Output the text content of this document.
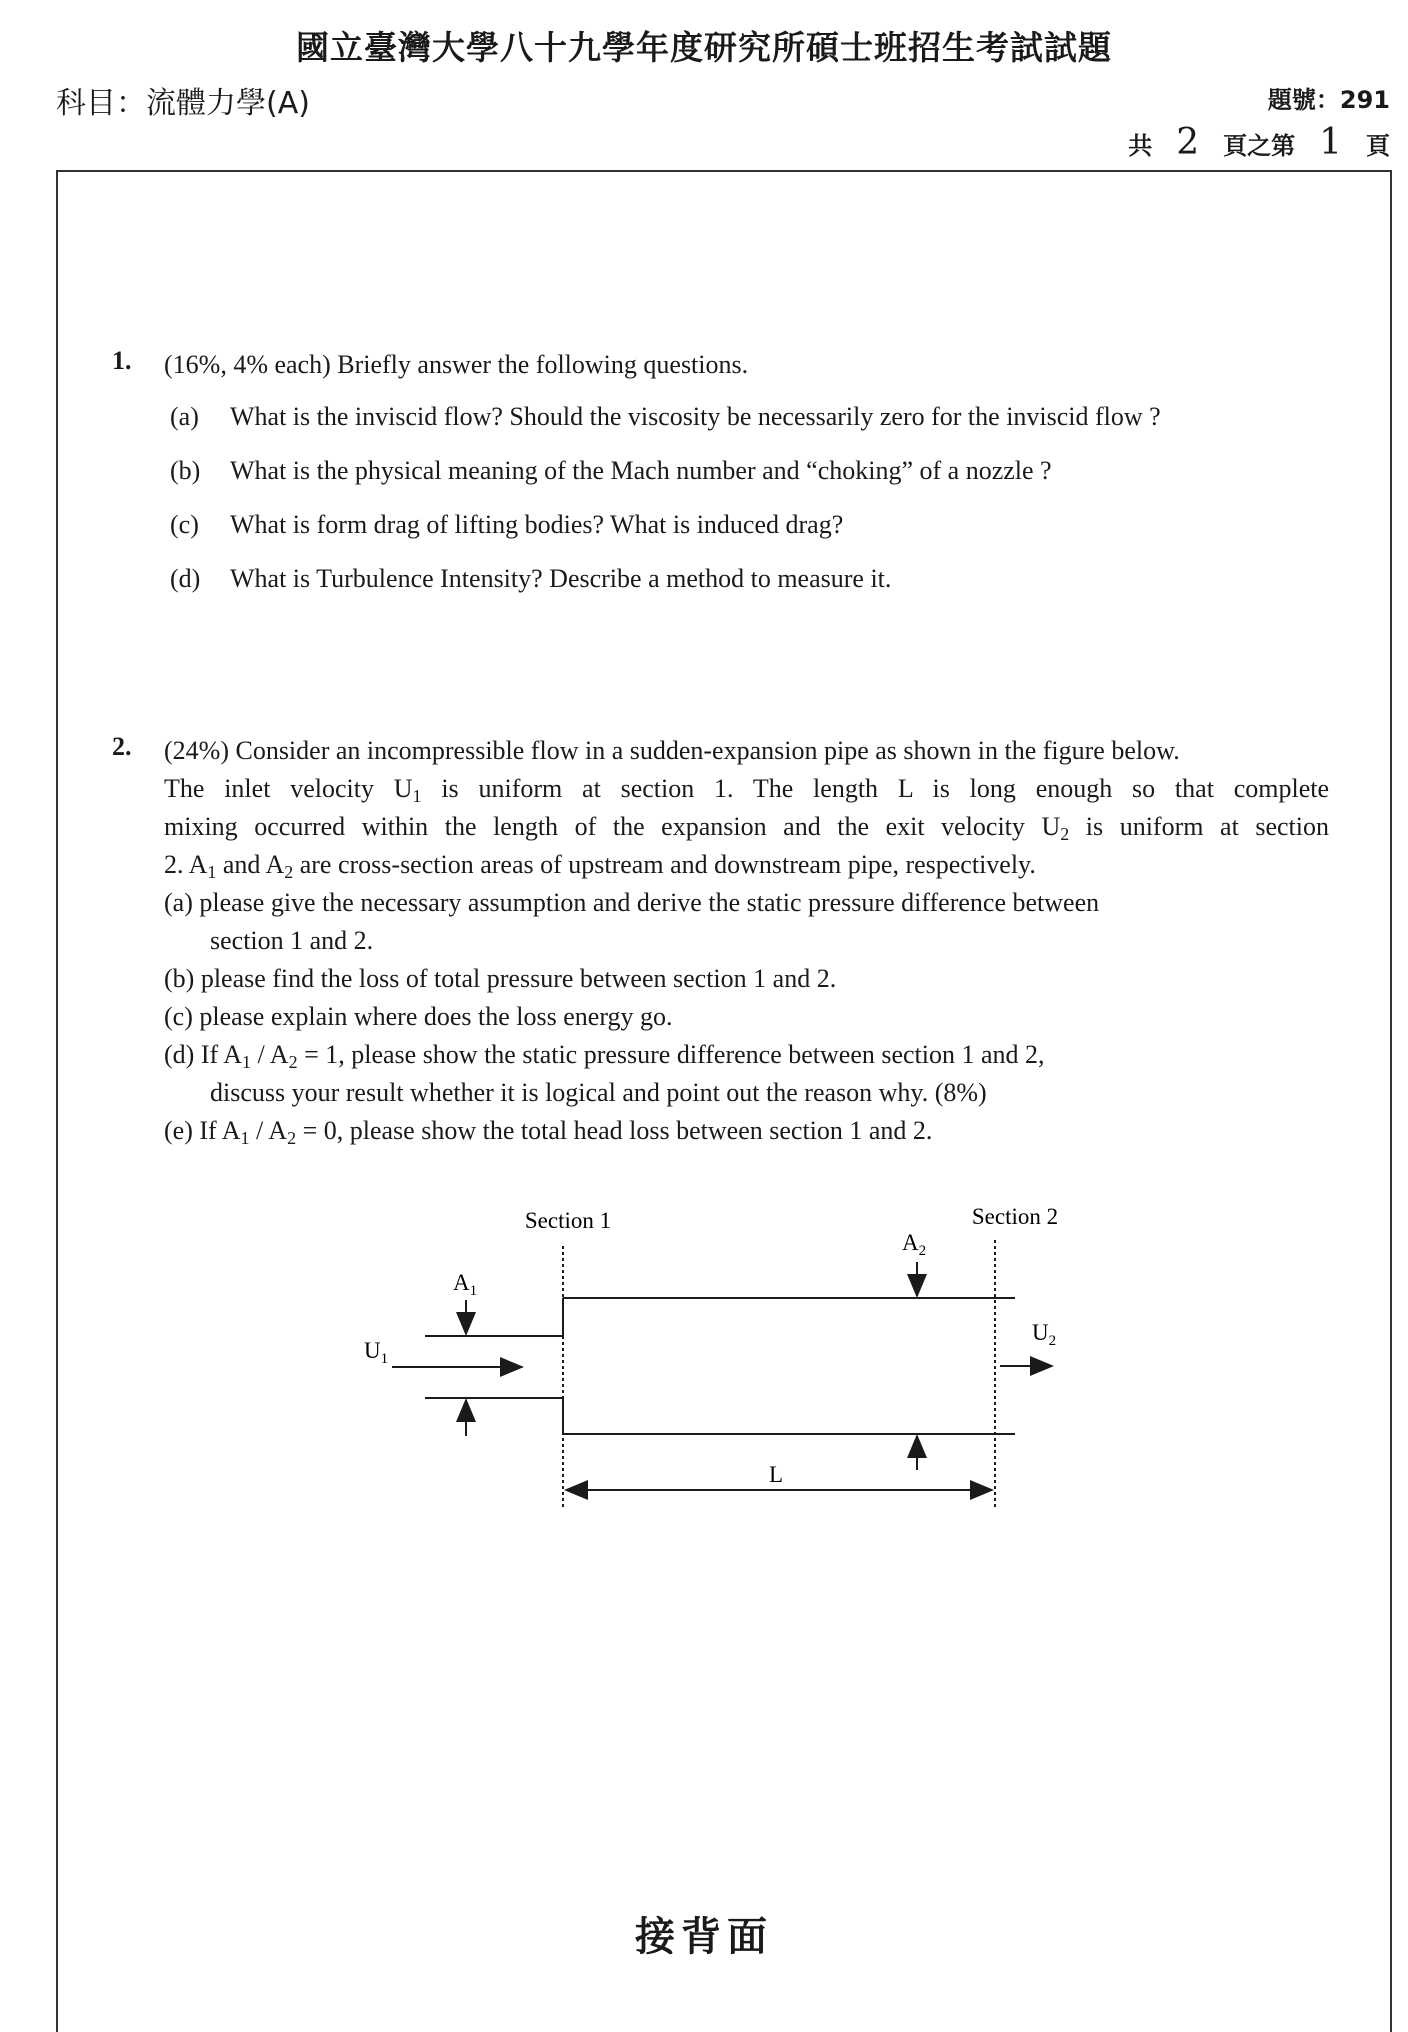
國立臺灣大學八十九學年度研究所碩士班招生考試試題
科目：流體力學(A)	題號：291
共 2 頁之第 1 頁
1. (16%, 4% each) Briefly answer the following questions.
(a) What is the inviscid flow? Should the viscosity be necessarily zero for the inviscid flow ?
(b) What is the physical meaning of the Mach number and “choking” of a nozzle ?
(c) What is form drag of lifting bodies? What is induced drag?
(d) What is Turbulence Intensity? Describe a method to measure it.
2. (24%) Consider an incompressible flow in a sudden-expansion pipe as shown in the figure below.
The inlet velocity $U_1$ is uniform at section 1. The length L is long enough so that complete
mixing occurred within the length of the expansion and the exit velocity $U_2$ is uniform at section
2. $A_1$ and $A_2$ are cross-section areas of upstream and downstream pipe, respectively.
(a) please give the necessary assumption and derive the static pressure difference between
section 1 and 2.
(b) please find the loss of total pressure between section 1 and 2.
(c) please explain where does the loss energy go.
(d) If $A_1 / A_2 = 1$, please show the static pressure difference between section 1 and 2,
discuss your result whether it is logical and point out the reason why. (8%)
(e) If $A_1 / A_2 = 0$, please show the total head loss between section 1 and 2.
Section 1	Section 2
$A_1$
$A_2$
$U_1$
$U_2$
L
接背面
